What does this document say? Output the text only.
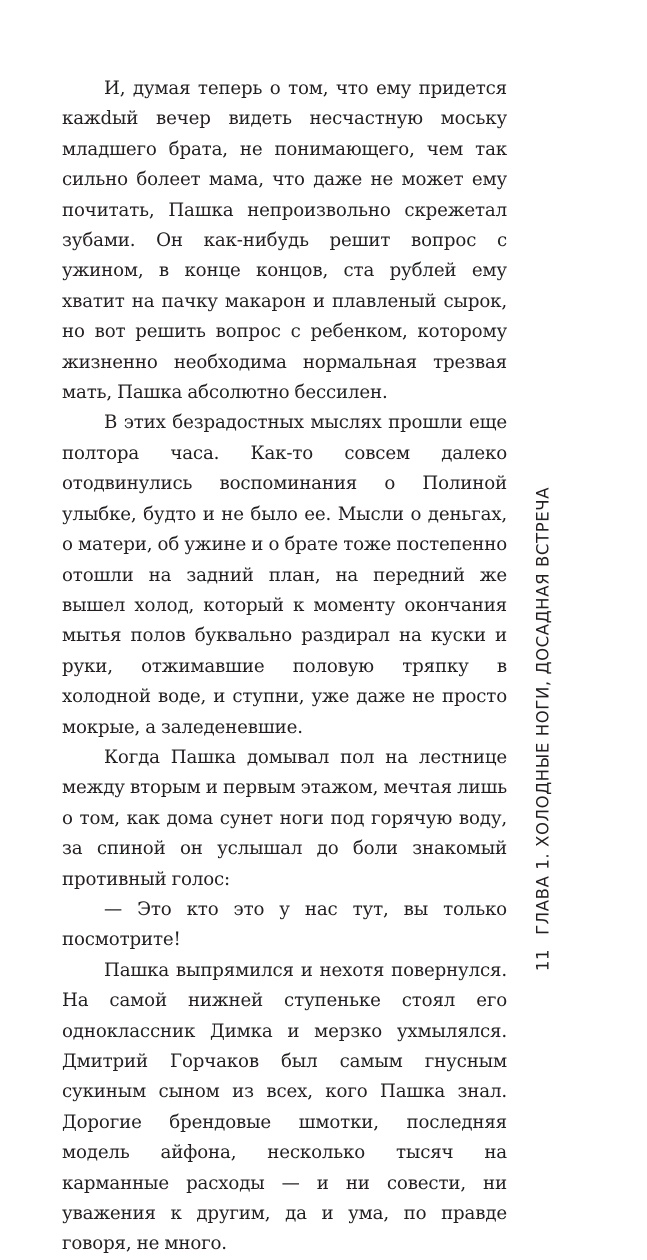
И, думая теперь о том, что ему придется кажdый вечер видеть несчастную моську младшего брата, не понимающего, чем так сильно болеет мама, что даже не может ему почитать, Пашка непроизвольно скрежетал зубами. Он как-нибудь решит вопрос с ужином, в конце концов, ста рублей ему хватит на пачку макарон и плавленый сырок, но вот решить вопрос с ребенком, которому жизненно необходима нормальная трезвая мать, Пашка абсолютно бессилен.

В этих безрадостных мыслях прошли еще полтора часа. Как-то совсем далеко отодвинулись воспоминания о Полиной улыбке, будто и не было ее. Мысли о деньгах, о матери, об ужине и о брате тоже постепенно отошли на задний план, на передний же вышел холод, который к моменту окончания мытья полов буквально раздирал на куски и руки, отжимавшие половую тряпку в холодной воде, и ступни, уже даже не просто мокрые, а заледеневшие.

Когда Пашка домывал пол на лестнице между вторым и первым этажом, мечтая лишь о том, как дома сунет ноги под горячую воду, за спиной он услышал до боли знакомый противный голос:

— Это кто это у нас тут, вы только посмотрите!

Пашка выпрямился и нехотя повернулся. На самой нижней ступеньке стоял его одноклассник Димка и мерзко ухмылялся. Дмитрий Горчаков был самым гнусным сукиным сыном из всех, кого Пашка знал. Дорогие брендовые шмотки, последняя модель айфона, несколько тысяч на карманные расходы — и ни совести, ни уважения к другим, да и ума, по правде говоря, не много.

11
ГЛАВА 1. ХОЛОДНЫЕ НОГИ, ДОСАДНАЯ ВСТРЕЧА
